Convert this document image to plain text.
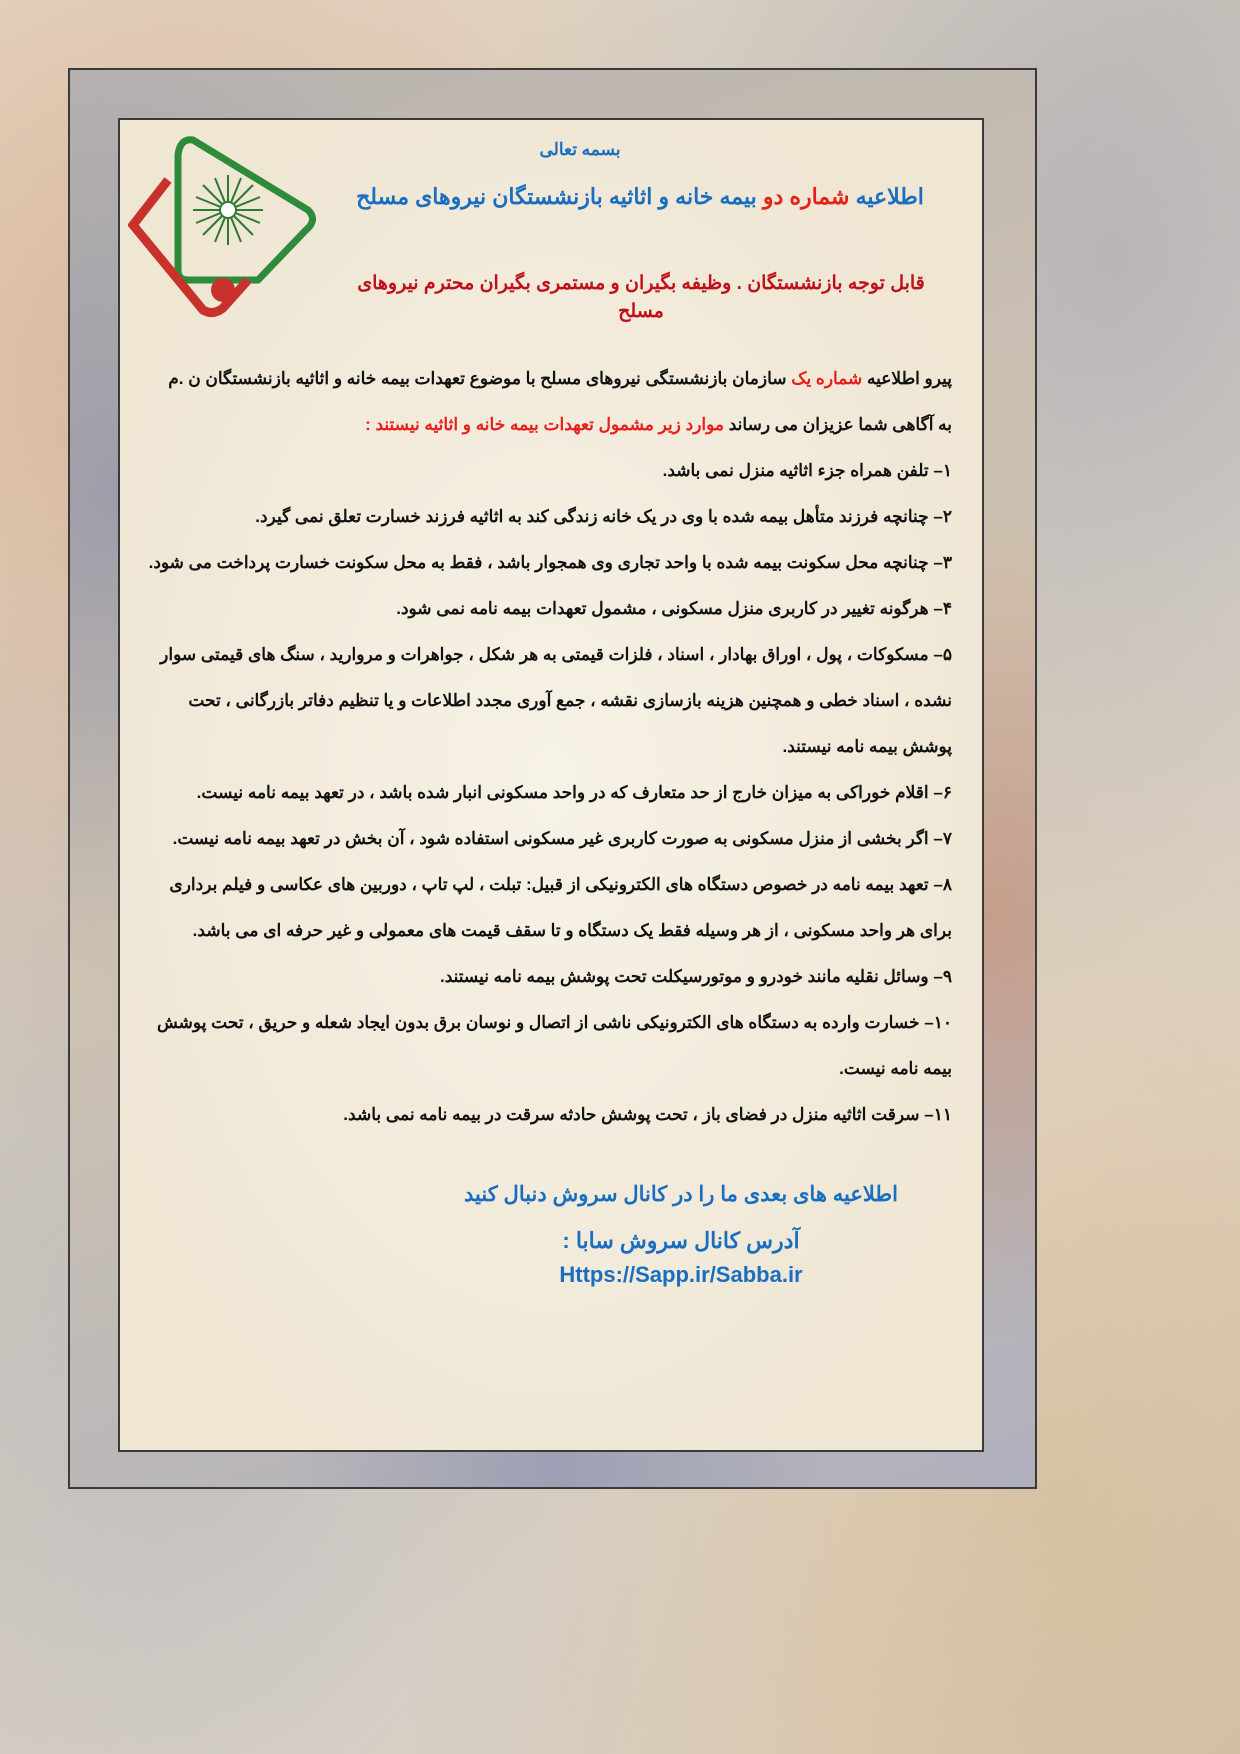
بسمه تعالی
اطلاعیه شماره دو بیمه خانه و اثاثیه بازنشستگان نیروهای مسلح
قابل توجه بازنشستگان . وظیفه بگیران و مستمری بگیران محترم نیروهای مسلح

پیرو اطلاعیه شماره یک سازمان بازنشستگی نیروهای مسلح با موضوع تعهدات بیمه خانه و اثاثیه بازنشستگان ن .م

به آگاهی شما عزیزان می رساند موارد زیر مشمول تعهدات بیمه خانه و اثاثیه نیستند :

۱– تلفن همراه جزء اثاثیه منزل نمی باشد.

۲– چنانچه فرزند متأهل بیمه شده با وی در یک خانه زندگی کند به اثاثیه فرزند خسارت تعلق نمی گیرد.

۳– چنانچه محل سکونت بیمه شده با واحد تجاری وی همجوار باشد ، فقط به محل سکونت خسارت پرداخت می شود.

۴– هرگونه تغییر در کاربری منزل مسکونی ، مشمول تعهدات بیمه نامه نمی شود.

۵– مسکوکات ، پول ، اوراق بهادار ، اسناد ، فلزات قیمتی به هر شکل ، جواهرات و مروارید ، سنگ های قیمتی سوار نشده ، اسناد خطی و همچنین هزینه بازسازی نقشه ، جمع آوری مجدد اطلاعات و یا تنظیم دفاتر بازرگانی ، تحت پوشش بیمه نامه نیستند.

۶– اقلام خوراکی به میزان خارج از حد متعارف که در واحد مسکونی انبار شده باشد ، در تعهد بیمه نامه نیست.

۷– اگر بخشی از منزل مسکونی به صورت کاربری غیر مسکونی استفاده شود ، آن بخش در تعهد بیمه نامه نیست.

۸– تعهد بیمه نامه در خصوص دستگاه های الکترونیکی از قبیل: تبلت ، لپ تاپ ، دوربین های عکاسی و فیلم برداری برای هر واحد مسکونی ، از هر وسیله فقط یک دستگاه و تا سقف قیمت های معمولی و غیر حرفه ای می باشد.

۹– وسائل نقلیه مانند خودرو و موتورسیکلت تحت پوشش بیمه نامه نیستند.

۱۰– خسارت وارده به دستگاه های الکترونیکی ناشی از اتصال و نوسان برق بدون ایجاد شعله و حریق ، تحت پوشش بیمه نامه نیست.

۱۱– سرقت اثاثیه منزل در فضای باز ، تحت پوشش حادثه سرقت در بیمه نامه نمی باشد.

اطلاعیه های بعدی ما را در کانال سروش دنبال کنید
آدرس کانال سروش سابا : Https://Sapp.ir/Sabba.ir
